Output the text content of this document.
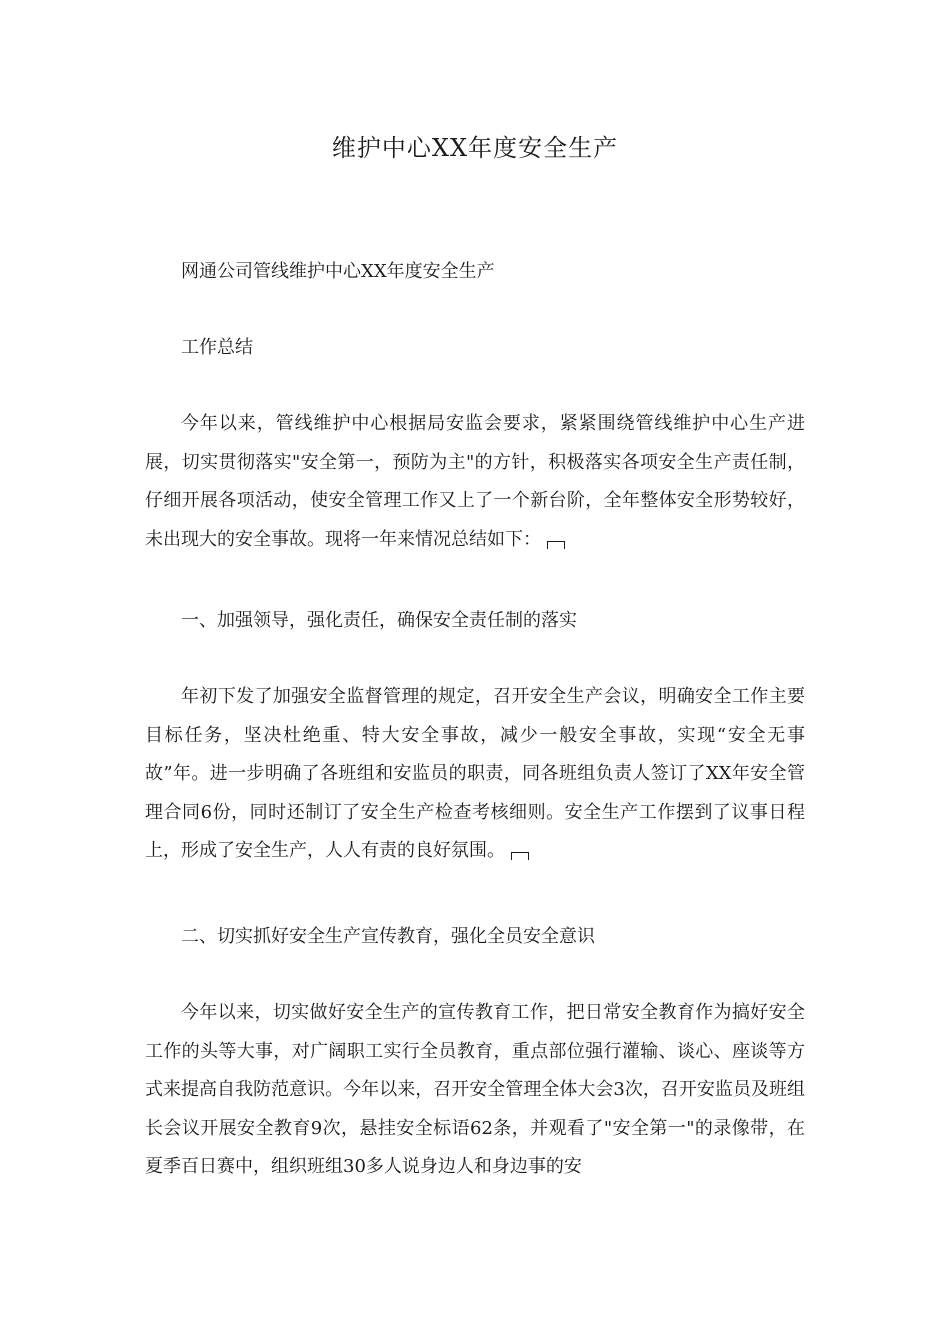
维护中心XX年度安全生产

网通公司管线维护中心XX年度安全生产

工作总结

今年以来，管线维护中心根据局安监会要求，紧紧围绕管线维护中心生产进展，切实贯彻落实"安全第一，预防为主"的方针，积极落实各项安全生产责任制，仔细开展各项活动，使安全管理工作又上了一个新台阶，全年整体安全形势较好，未出现大的安全事故。现将一年来情况总结如下：

一、加强领导，强化责任，确保安全责任制的落实

年初下发了加强安全监督管理的规定，召开安全生产会议，明确安全工作主要目标任务，坚决杜绝重、特大安全事故，减少一般安全事故，实现“安全无事故”年。进一步明确了各班组和安监员的职责，同各班组负责人签订了XX年安全管理合同6份，同时还制订了安全生产检查考核细则。安全生产工作摆到了议事日程上，形成了安全生产，人人有责的良好氛围。

二、切实抓好安全生产宣传教育，强化全员安全意识

今年以来，切实做好安全生产的宣传教育工作，把日常安全教育作为搞好安全工作的头等大事，对广阔职工实行全员教育，重点部位强行灌输、谈心、座谈等方式来提高自我防范意识。今年以来，召开安全管理全体大会3次，召开安监员及班组长会议开展安全教育9次，悬挂安全标语62条，并观看了"安全第一"的录像带，在夏季百日赛中，组织班组30多人说身边人和身边事的安
